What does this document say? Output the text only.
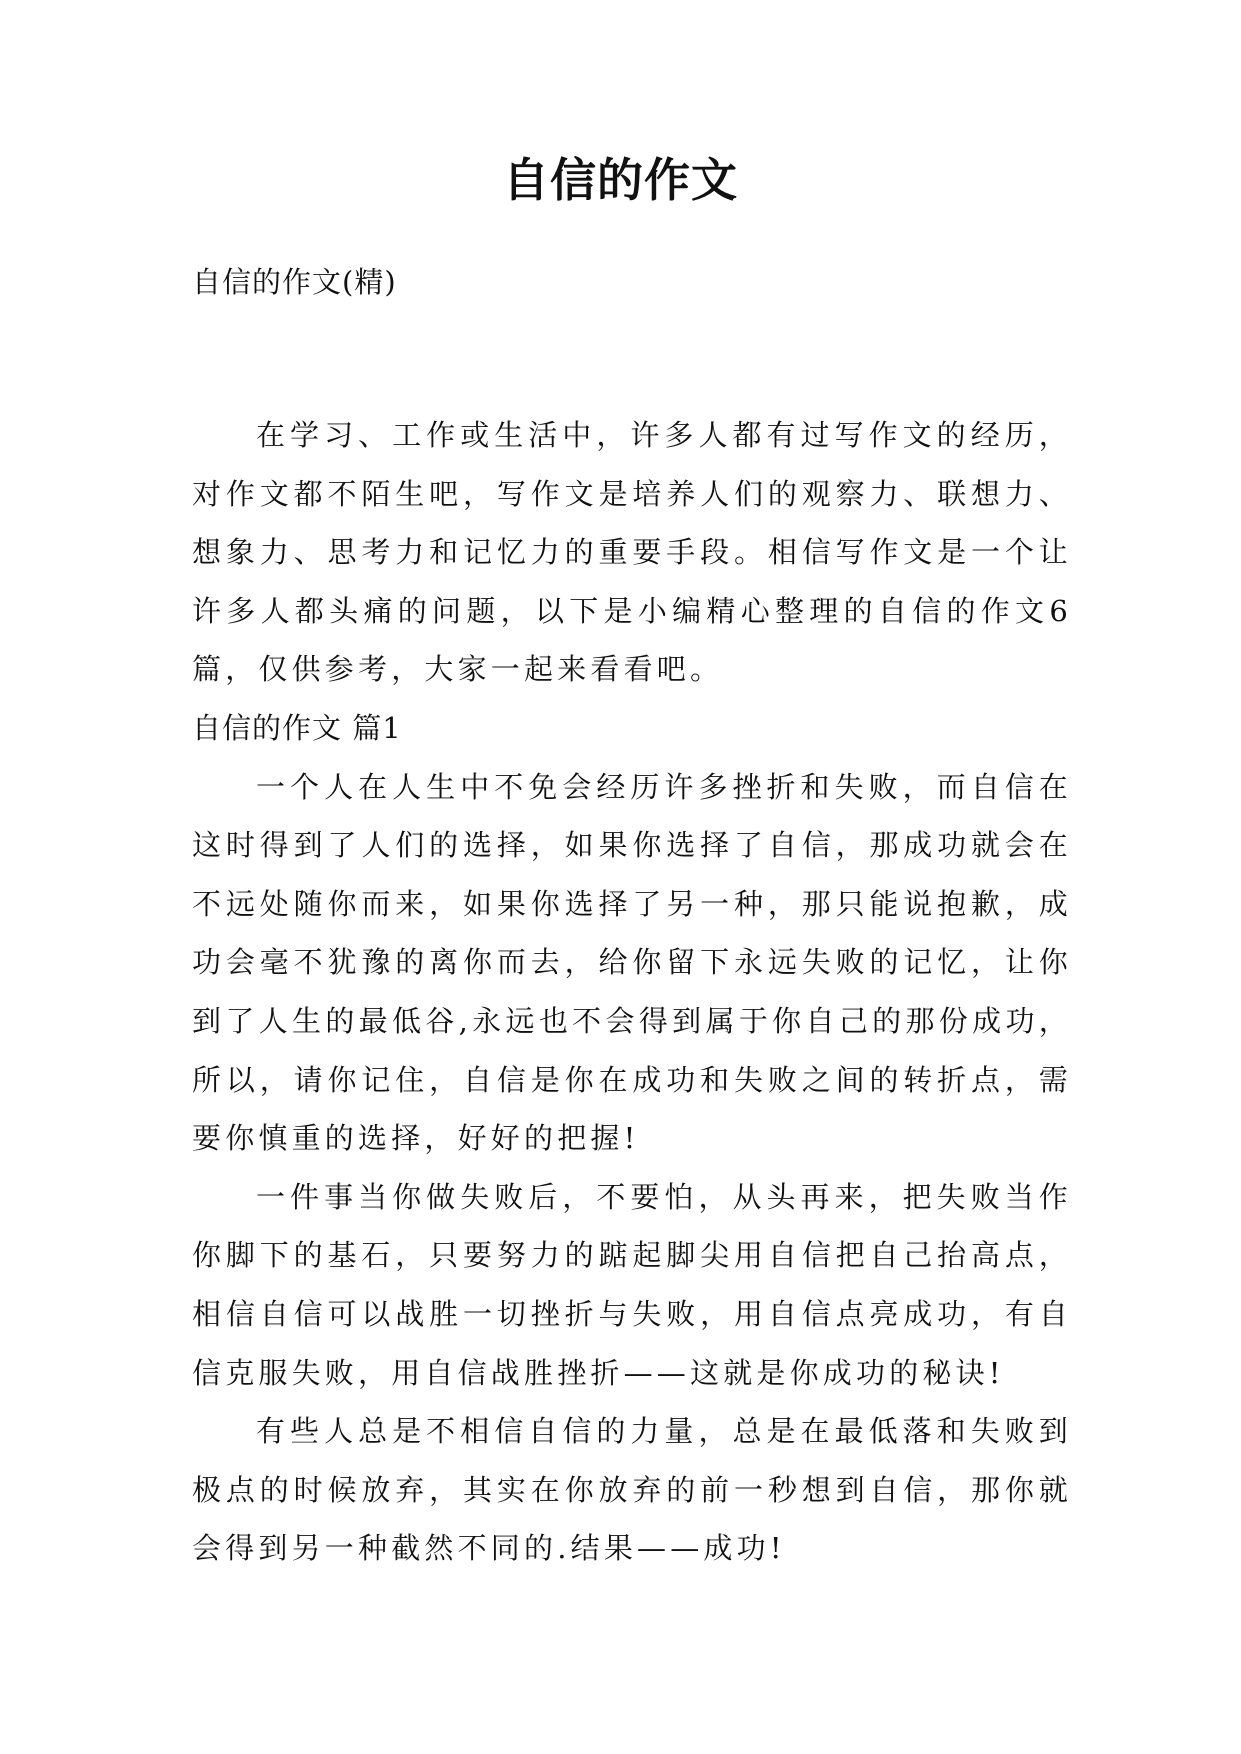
自信的作文

自信的作文(精)

在学习、工作或生活中，许多人都有过写作文的经历，对作文都不陌生吧，写作文是培养人们的观察力、联想力、想象力、思考力和记忆力的重要手段。相信写作文是一个让许多人都头痛的问题，以下是小编精心整理的自信的作文6篇，仅供参考，大家一起来看看吧。

自信的作文 篇1

一个人在人生中不免会经历许多挫折和失败，而自信在这时得到了人们的选择，如果你选择了自信，那成功就会在不远处随你而来，如果你选择了另一种，那只能说抱歉，成功会毫不犹豫的离你而去，给你留下永远失败的记忆，让你到了人生的最低谷,永远也不会得到属于你自己的那份成功，所以，请你记住，自信是你在成功和失败之间的转折点，需要你慎重的选择，好好的把握!

一件事当你做失败后，不要怕，从头再来，把失败当作你脚下的基石，只要努力的踮起脚尖用自信把自己抬高点，相信自信可以战胜一切挫折与失败，用自信点亮成功，有自信克服失败，用自信战胜挫折——这就是你成功的秘诀!

有些人总是不相信自信的力量，总是在最低落和失败到极点的时候放弃，其实在你放弃的前一秒想到自信，那你就会得到另一种截然不同的.结果——成功!
